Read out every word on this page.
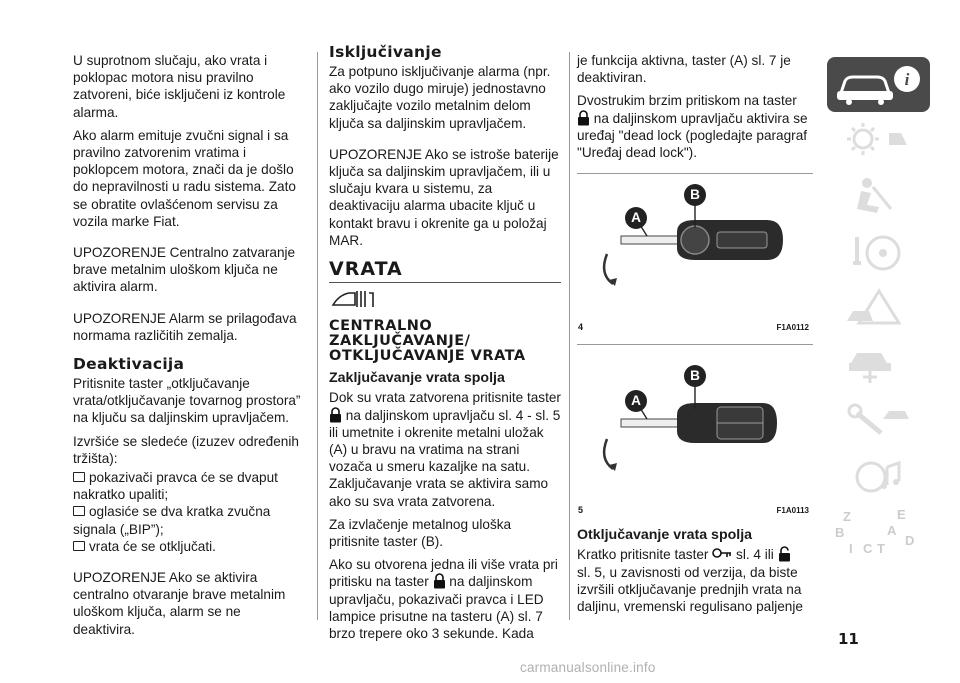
U suprotnom slučaju, ako vrata i poklopac motora nisu pravilno zatvoreni, biće isključeni iz kontrole alarma.

Ako alarm emituje zvučni signal i sa pravilno zatvorenim vratima i poklopcem motora, znači da je došlo do nepravilnosti u radu sistema. Zato se obratite ovlašćenom servisu za vozila marke Fiat.

UPOZORENJE Centralno zatvaranje brave metalnim uloškom ključa ne aktivira alarm.

UPOZORENJE Alarm se prilagođava normama različitih zemalja.

Deaktivacija

Pritisnite taster „otključavanje vrata/otključavanje tovarnog prostora” na ključu sa daljinskim upravljačem.

Izvršiće se sledeće (izuzev određenih tržišta):

pokazivači pravca će se dvaput nakratko upaliti;
oglasiće se dva kratka zvučna signala („BIP”);
vrata će se otključati.

UPOZORENJE Ako se aktivira centralno otvaranje brave metalnim uloškom ključa, alarm se ne deaktivira.

Isključivanje

Za potpuno isključivanje alarma (npr. ako vozilo dugo miruje) jednostavno zaključajte vozilo metalnim delom ključa sa daljinskim upravljačem.

UPOZORENJE Ako se istroše baterije ključa sa daljinskim upravljačem, ili u slučaju kvara u sistemu, za deaktivaciju alarma ubacite ključ u kontakt bravu i okrenite ga u položaj MAR.

VRATA
CENTRALNO ZAKLJUČAVANJE/ OTKLJUČAVANJE VRATA
Zaključavanje vrata spolja

Dok su vrata zatvorena pritisnite taster
na daljinskom upravljaču sl. 4 - sl. 5 ili umetnite i okrenite metalni uložak (A) u bravu na vratima na strani vozača u smeru kazaljke na satu. Zaključavanje vrata se aktivira samo ako su sva vrata zatvorena.

Za izvlačenje metalnog uloška pritisnite taster (B).

Ako su otvorena jedna ili više vrata pri pritisku na taster na daljinskom upravljaču, pokazivači pravca i LED lampice prisutne na tasteru (A) sl. 7 brzo trepere oko 3 sekunde. Kada

je funkcija aktivna, taster (A) sl. 7 je deaktiviran.

Dvostrukim brzim pritiskom na taster
na daljinskom upravljaču aktivira se uređaj "dead lock (pogledajte paragraf "Uređaj dead lock").

A
B
4	F1A0112
A
B
5	F1A0113
Otključavanje vrata spolja

Kratko pritisnite taster sl. 4 ili
sl. 5, u zavisnosti od verzija, da biste izvršili otključavanje prednjih vrata na daljinu, vremenski regulisano paljenje

i
Z	E
B	A
I C T
D
11
carmanualsonline.info
